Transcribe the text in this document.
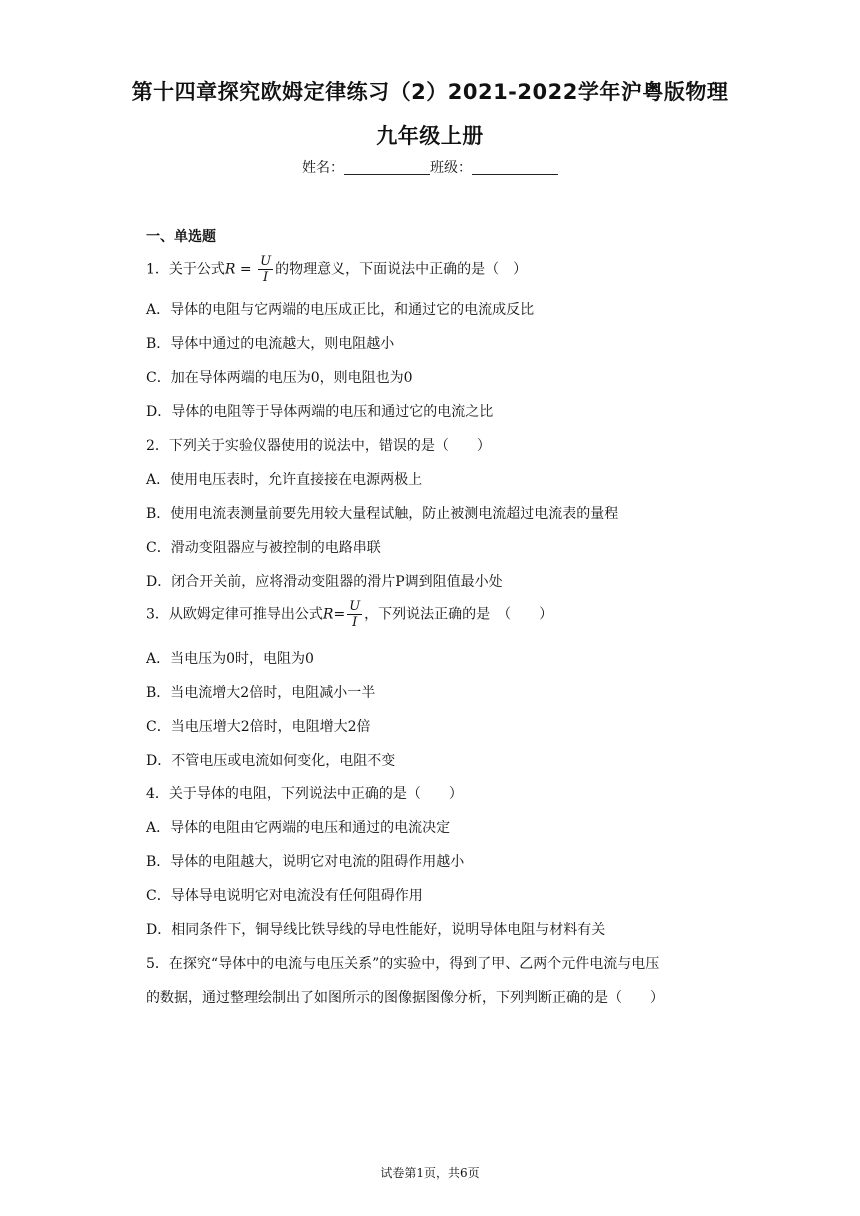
第十四章探究欧姆定律练习（2）2021-2022学年沪粤版物理
九年级上册
姓名：	班级：
一、单选题
1．关于公式$R = \frac{U}{I}$ 的物理意义，下面说法中正确的是（　）
A．导体的电阻与它两端的电压成正比，和通过它的电流成反比
B．导体中通过的电流越大，则电阻越小
C．加在导体两端的电压为0，则电阻也为0
D．导体的电阻等于导体两端的电压和通过它的电流之比
2．下列关于实验仪器使用的说法中，错误的是（　　）
A．使用电压表时，允许直接接在电源两极上
B．使用电流表测量前要先用较大量程试触，防止被测电流超过电流表的量程
C．滑动变阻器应与被控制的电路串联
D．闭合开关前，应将滑动变阻器的滑片P调到阻值最小处
3．从欧姆定律可推导出公式$R= \frac{U}{I}$ ，下列说法正确的是　（　　）
A．当电压为0时，电阻为0
B．当电流增大2倍时，电阻减小一半
C．当电压增大2倍时，电阻增大2倍
D．不管电压或电流如何变化，电阻不变
4．关于导体的电阻，下列说法中正确的是（　　）
A．导体的电阻由它两端的电压和通过的电流决定
B．导体的电阻越大，说明它对电流的阻碍作用越小
C．导体导电说明它对电流没有任何阻碍作用
D．相同条件下，铜导线比铁导线的导电性能好，说明导体电阻与材料有关
5．在探究“导体中的电流与电压关系”的实验中，得到了甲、乙两个元件电流与电压
的数据，通过整理绘制出了如图所示的图像据图像分析，下列判断正确的是（　　）
试卷第1页，共6页
